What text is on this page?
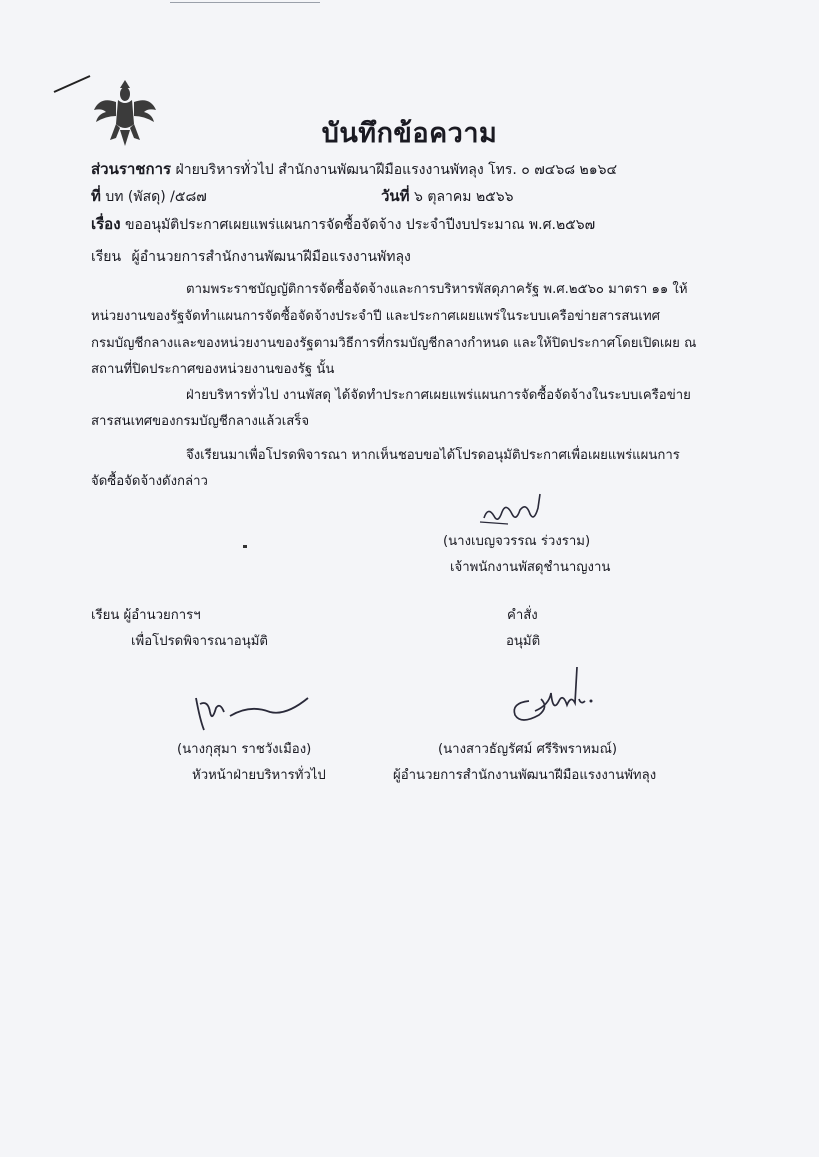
บันทึกข้อความ
ส่วนราชการ ฝ่ายบริหารทั่วไป สำนักงานพัฒนาฝีมือแรงงานพัทลุง โทร. ๐ ๗๔๖๘ ๒๑๖๔
ที่ บท (พัสดุ) /๕๘๗	วันที่ ๖ ตุลาคม ๒๕๖๖
เรื่อง ขออนุมัติประกาศเผยแพร่แผนการจัดซื้อจัดจ้าง ประจำปีงบประมาณ พ.ศ.๒๕๖๗
เรียน ผู้อำนวยการสำนักงานพัฒนาฝีมือแรงงานพัทลุง
ตามพระราชบัญญัติการจัดซื้อจัดจ้างและการบริหารพัสดุภาครัฐ พ.ศ.๒๕๖๐ มาตรา ๑๑ ให้
หน่วยงานของรัฐจัดทำแผนการจัดซื้อจัดจ้างประจำปี และประกาศเผยแพร่ในระบบเครือข่ายสารสนเทศ
กรมบัญชีกลางและของหน่วยงานของรัฐตามวิธีการที่กรมบัญชีกลางกำหนด และให้ปิดประกาศโดยเปิดเผย ณ
สถานที่ปิดประกาศของหน่วยงานของรัฐ นั้น
ฝ่ายบริหารทั่วไป งานพัสดุ ได้จัดทำประกาศเผยแพร่แผนการจัดซื้อจัดจ้างในระบบเครือข่าย
สารสนเทศของกรมบัญชีกลางแล้วเสร็จ
จึงเรียนมาเพื่อโปรดพิจารณา หากเห็นชอบขอได้โปรดอนุมัติประกาศเพื่อเผยแพร่แผนการ
จัดซื้อจัดจ้างดังกล่าว
(นางเบญจวรรณ ร่วงราม)
เจ้าพนักงานพัสดุชำนาญงาน
เรียน ผู้อำนวยการฯ
เพื่อโปรดพิจารณาอนุมัติ
คำสั่ง
อนุมัติ
(นางกุสุมา ราชวังเมือง)
หัวหน้าฝ่ายบริหารทั่วไป
(นางสาวธัญรัศม์ ศรีริพราหมณ์)
ผู้อำนวยการสำนักงานพัฒนาฝีมือแรงงานพัทลุง
